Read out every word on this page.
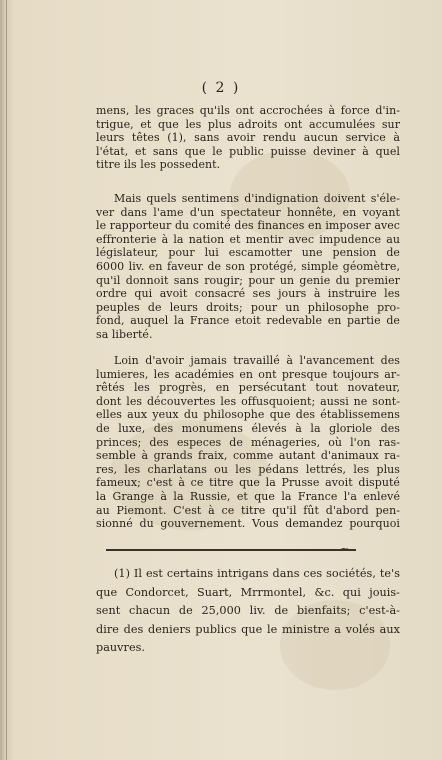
( 2 )
mens, les graces qu'ils ont accrochées à force d'in-
trigue, et que les plus adroits ont accumulées sur
leurs têtes (1), sans avoir rendu aucun service à
l'état, et sans que le public puisse deviner à quel
titre ils les possedent.
Mais quels sentimens d'indignation doivent s'éle-
ver dans l'ame d'un spectateur honnête, en voyant
le rapporteur du comité des finances en imposer avec
effronterie à la nation et mentir avec impudence au
législateur, pour lui escamotter une pension de
6000 liv. en faveur de son protégé, simple géomètre,
qu'il donnoit sans rougir; pour un genie du premier
ordre qui avoit consacré ses jours à instruire les
peuples de leurs droits; pour un philosophe pro-
fond, auquel la France etoit redevable en partie de
sa liberté.
Loin d'avoir jamais travaillé à l'avancement des
lumieres, les académies en ont presque toujours ar-
rêtés les progrès, en persécutant tout novateur,
dont les découvertes les offusquoient; aussi ne sont-
elles aux yeux du philosophe que des établissemens
de luxe, des monumens élevés à la gloriole des
princes; des especes de ménageries, où l'on ras-
semble à grands fraix, comme autant d'animaux ra-
res, les charlatans ou les pédans lettrés, les plus
fameux; c'est à ce titre que la Prusse avoit disputé
la Grange à la Russie, et que la France l'a enlevé
au Piemont. C'est à ce titre qu'il fût d'abord pen-
sionné du gouvernement. Vous demandez pourquoi
~
(1) Il est certains intrigans dans ces sociétés, te's
que Condorcet, Suart, Mrrmontel, &c. qui jouis-
sent chacun de 25,000 liv. de bienfaits; c'est-à-
dire des deniers publics que le ministre a volés aux
pauvres.
